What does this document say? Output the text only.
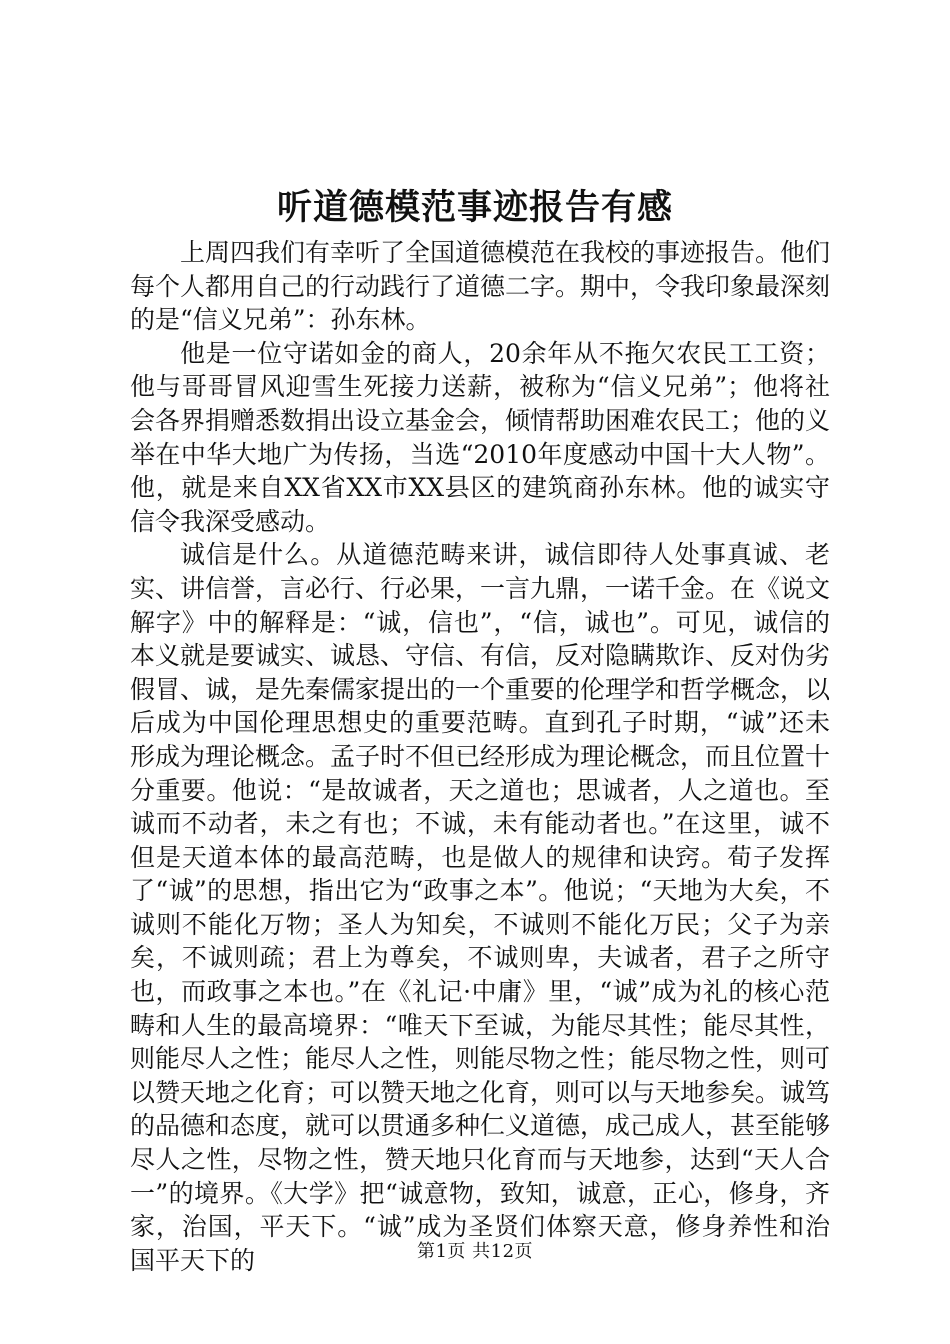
听道德模范事迹报告有感

上周四我们有幸听了全国道德模范在我校的事迹报告。他们每个人都用自己的行动践行了道德二字。期中，令我印象最深刻的是“信义兄弟”：孙东林。

他是一位守诺如金的商人，20余年从不拖欠农民工工资；他与哥哥冒风迎雪生死接力送薪，被称为“信义兄弟”；他将社会各界捐赠悉数捐出设立基金会，倾情帮助困难农民工；他的义举在中华大地广为传扬，当选“2010年度感动中国十大人物”。他，就是来自XX省XX市XX县区的建筑商孙东林。他的诚实守信令我深受感动。

诚信是什么。从道德范畴来讲，诚信即待人处事真诚、老实、讲信誉，言必行、行必果，一言九鼎，一诺千金。在《说文解字》中的解释是：“诚，信也”，“信，诚也”。可见，诚信的本义就是要诚实、诚恳、守信、有信，反对隐瞒欺诈、反对伪劣假冒、诚，是先秦儒家提出的一个重要的伦理学和哲学概念，以后成为中国伦理思想史的重要范畴。直到孔子时期，“诚”还未形成为理论概念。孟子时不但已经形成为理论概念，而且位置十分重要。他说：“是故诚者，天之道也；思诚者，人之道也。至诚而不动者，未之有也；不诚，未有能动者也。”在这里，诚不但是天道本体的最高范畴，也是做人的规律和诀窍。荀子发挥了“诚”的思想，指出它为“政事之本”。他说；“天地为大矣，不诚则不能化万物；圣人为知矣，不诚则不能化万民；父子为亲矣，不诚则疏；君上为尊矣，不诚则卑，夫诚者，君子之所守也，而政事之本也。”在《礼记·中庸》里，“诚”成为礼的核心范畴和人生的最高境界：“唯天下至诚，为能尽其性；能尽其性，则能尽人之性；能尽人之性，则能尽物之性；能尽物之性，则可以赞天地之化育；可以赞天地之化育，则可以与天地参矣。诚笃的品德和态度，就可以贯通多种仁义道德，成己成人，甚至能够尽人之性，尽物之性，赞天地只化育而与天地参，达到“天人合一”的境界。《大学》把“诚意物，致知，诚意，正心，修身，齐家，治国，平天下。“诚”成为圣贤们体察天意，修身养性和治国平天下的	第1页 共12页
